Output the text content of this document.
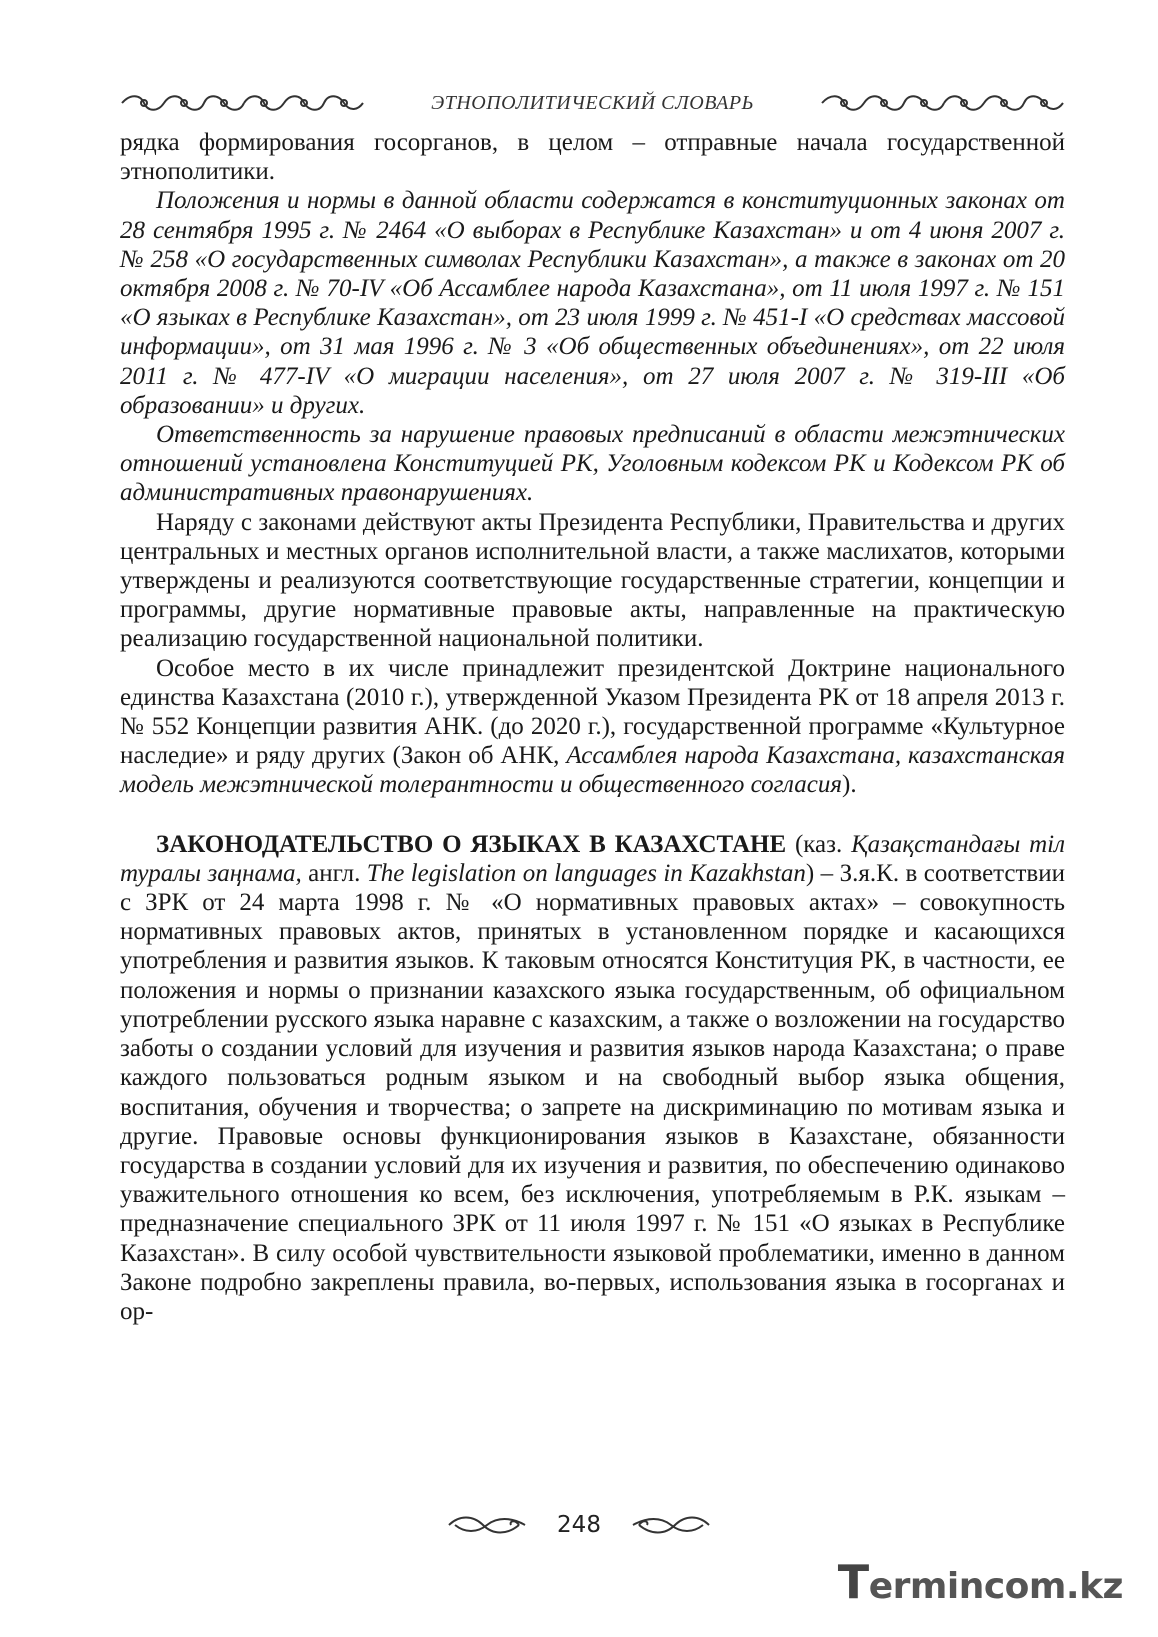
ЭТНОПОЛИТИЧЕСКИЙ СЛОВАРЬ

рядка формирования госорганов, в целом – отправные начала государственной этнополитики.

Положения и нормы в данной области содержатся в конституционных законах от 28 сентября 1995 г. № 2464 «О выборах в Республике Казахстан» и от 4 июня 2007 г. № 258 «О государственных символах Республики Казахстан», а также в законах от 20 октября 2008 г. № 70-IV «Об Ассамблее народа Казахстана», от 11 июля 1997 г. № 151 «О языках в Республике Казахстан», от 23 июля 1999 г. № 451-I «О средствах массовой информации», от 31 мая 1996 г. № 3 «Об общественных объединениях», от 22 июля 2011 г. № 477-IV «О миграции населения», от 27 июля 2007 г. № 319-III «Об образовании» и других.

Ответственность за нарушение правовых предписаний в области межэтнических отношений установлена Конституцией РК, Уголовным кодексом РК и Кодексом РК об административных правонарушениях.

Наряду с законами действуют акты Президента Республики, Правительства и других центральных и местных органов исполнительной власти, а также маслихатов, которыми утверждены и реализуются соответствующие государственные стратегии, концепции и программы, другие нормативные правовые акты, направленные на практическую реализацию государственной национальной политики.

Особое место в их числе принадлежит президентской Доктрине национального единства Казахстана (2010 г.), утвержденной Указом Президента РК от 18 апреля 2013 г. № 552 Концепции развития АНК. (до 2020 г.), государственной программе «Культурное наследие» и ряду других (Закон об АНК, Ассамблея народа Казахстана, казахстанская модель межэтнической толерантности и общественного согласия).

ЗАКОНОДАТЕЛЬСТВО О ЯЗЫКАХ В КАЗАХСТАНЕ (каз. Қазақстандағы тіл туралы заңнама, англ. The legislation on languages in Kazakhstan) – З.я.К. в соответствии с ЗРК от 24 марта 1998 г. № «О нормативных правовых актах» – совокупность нормативных правовых актов, принятых в установленном порядке и касающихся употребления и развития языков. К таковым относятся Конституция РК, в частности, ее положения и нормы о признании казахского языка государственным, об официальном употреблении русского языка наравне с казахским, а также о возложении на государство заботы о создании условий для изучения и развития языков народа Казахстана; о праве каждого пользоваться родным языком и на свободный выбор языка общения, воспитания, обучения и творчества; о запрете на дискриминацию по мотивам языка и другие. Правовые основы функционирования языков в Казахстане, обязанности государства в создании условий для их изучения и развития, по обеспечению одинаково уважительного отношения ко всем, без исключения, употребляемым в Р.К. языкам – предназначение специального ЗРК от 11 июля 1997 г. № 151 «О языках в Республике Казахстан». В силу особой чувствительности языковой проблематики, именно в данном Законе подробно закреплены правила, во-первых, использования языка в госорганах и ор-

248
Termincom.kz
